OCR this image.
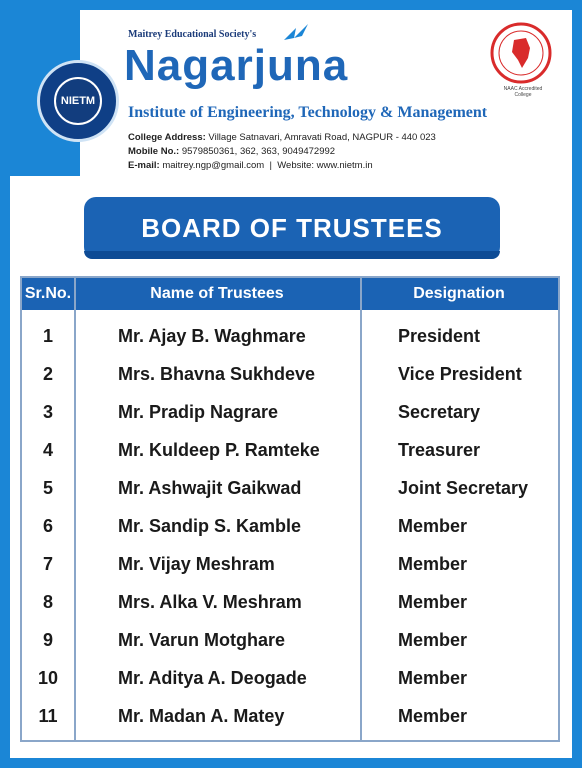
NIETM
NAAC Accredited College
Maitrey Educational Society's
Nagarjuna
Institute of Engineering, Technology & Management
College Address: Village Satnavari, Amravati Road, NAGPUR - 440 023
Mobile No.: 9579850361, 362, 363, 9049472992
E-mail: maitrey.ngp@gmail.com  |  Website: www.nietm.in
BOARD OF TRUSTEES
Sr.No.	Name of Trustees	Designation
1	Mr. Ajay B. Waghmare	President
2	Mrs. Bhavna Sukhdeve	Vice President
3	Mr. Pradip Nagrare	Secretary
4	Mr. Kuldeep P. Ramteke	Treasurer
5	Mr. Ashwajit Gaikwad	Joint Secretary
6	Mr. Sandip S. Kamble	Member
7	Mr. Vijay Meshram	Member
8	Mrs. Alka V. Meshram	Member
9	Mr. Varun Motghare	Member
10	Mr. Aditya A. Deogade	Member
11	Mr. Madan A. Matey	Member
